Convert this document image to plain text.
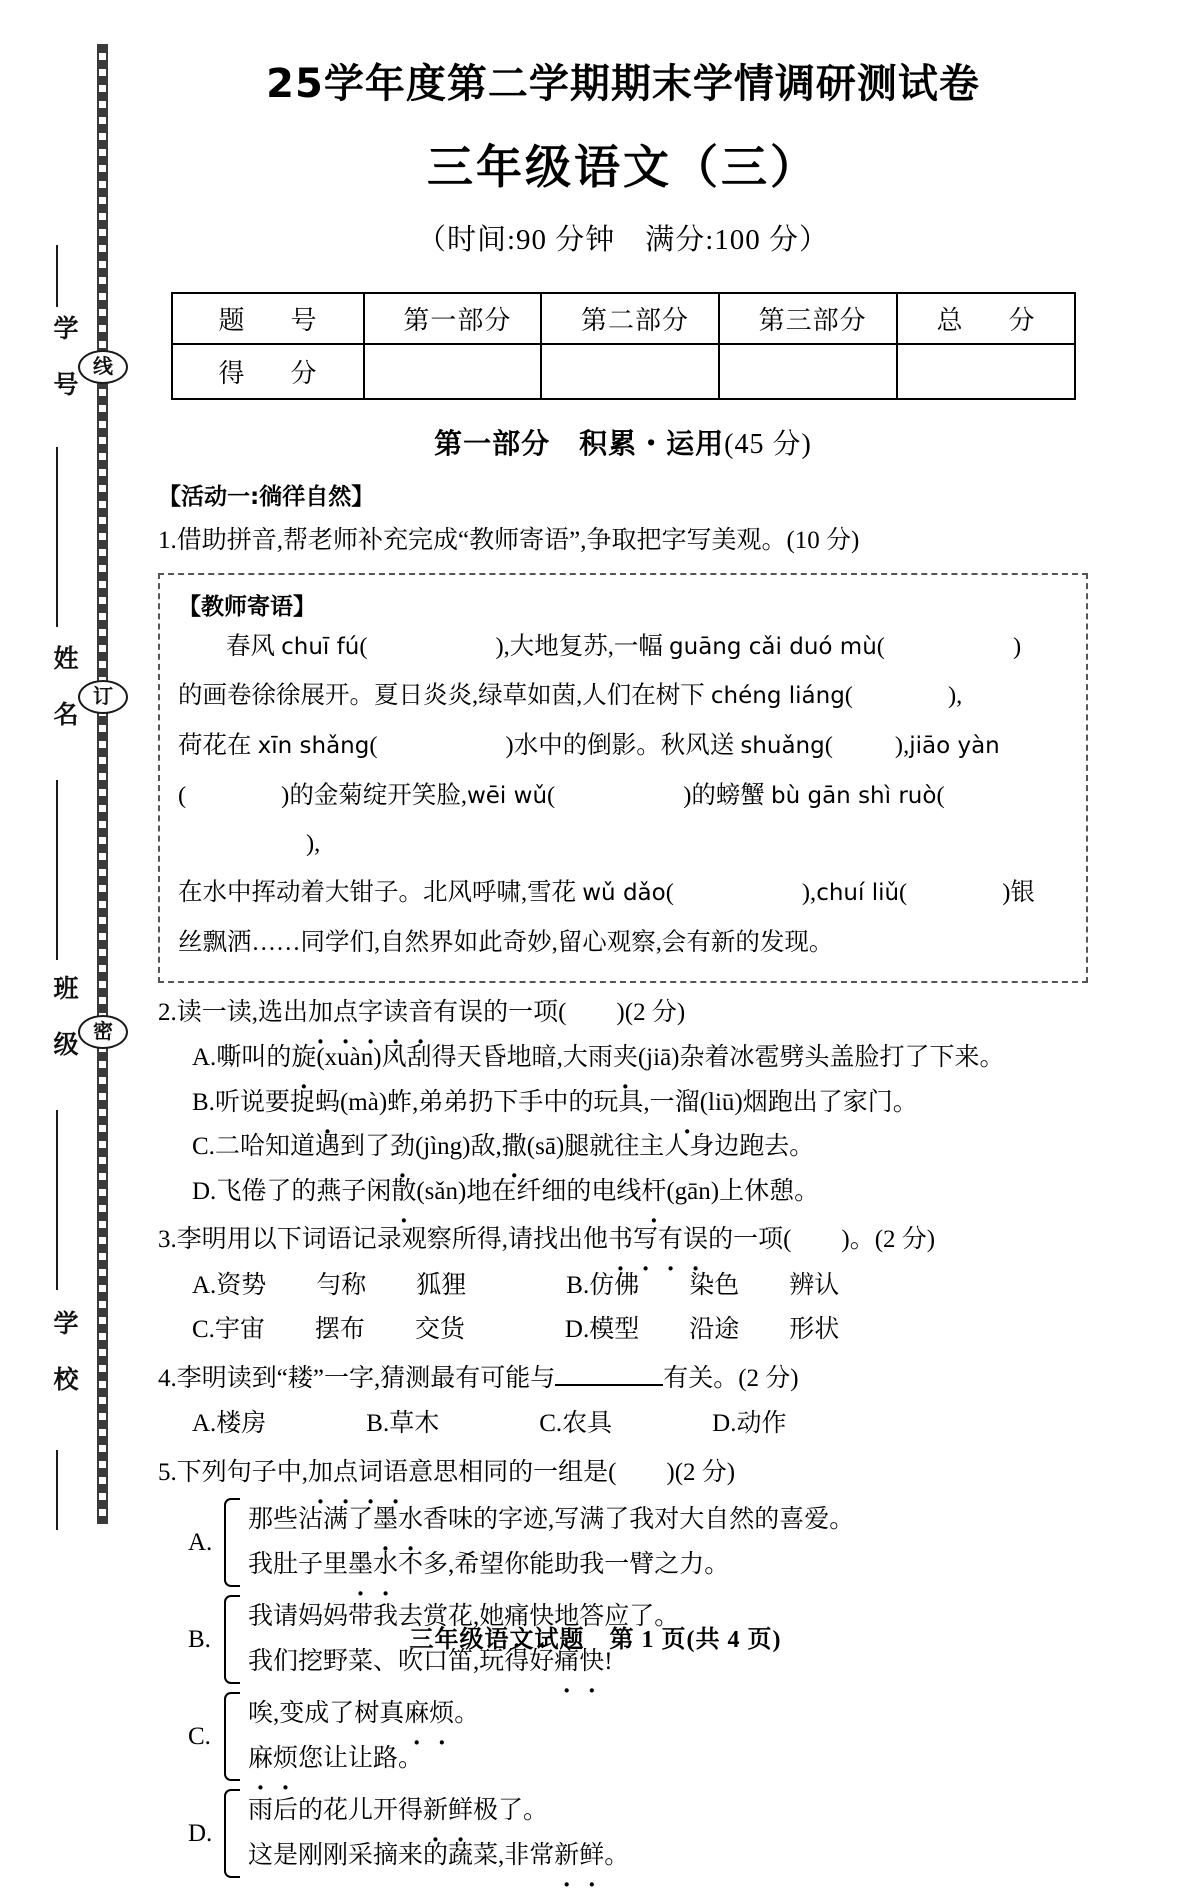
学 号
姓 名
班 级
学 校
线
订
密
25学年度第二学期期末学情调研测试卷
三年级语文（三）
（时间:90 分钟　满分:100 分）
题　号	第一部分	第二部分	第三部分	总　分
得　分				
第一部分　积累・运用(45 分)
【活动一:徜徉自然】
1.借助拼音,帮老师补充完成“教师寄语”,争取把字写美观。(10 分)
【教师寄语】

春风 chuī fú(	),大地复苏,一幅 guāng cǎi duó mù(	)

的画卷徐徐展开。夏日炎炎,绿草如茵,人们在树下 chéng liáng(	),

荷花在 xīn shǎng(	)水中的倒影。秋风送 shuǎng(	),jiāo yàn

(	)的金菊绽开笑脸,wēi wǔ(	)的螃蟹 bù gān shì ruò(),

在水中挥动着大钳子。北风呼啸,雪花 wǔ dǎo(	),chuí liǔ(	)银

丝飘洒……同学们,自然界如此奇妙,留心观察,会有新的发现。

2.读一读,选出加点字读音有误的一项(　　)(2 分)
A.嘶叫的旋(xuàn)风刮得天昏地暗,大雨夹(jiā)杂着冰雹劈头盖脸打了下来。
B.听说要捉蚂(mà)蚱,弟弟扔下手中的玩具,一溜(liū)烟跑出了家门。
C.二哈知道遇到了劲(jìng)敌,撒(sā)腿就往主人身边跑去。
D.飞倦了的燕子闲散(sǎn)地在纤细的电线杆(gān)上休憩。
3.李明用以下词语记录观察所得,请找出他书写有误的一项(　　)。(2 分)
A.资势　　勻称　　狐狸　　　　B.仿佛　　染色　　辨认
C.宇宙　　摆布　　交货　　　　D.模型　　沿途　　形状
4.李明读到“耧”一字,猜测最有可能与	有关。(2 分)
A.楼房　　　　B.草木　　　　C.农具　　　　D.动作
5.下列句子中,加点词语意思相同的一组是(　　)(2 分)
A.
那些沾满了墨水香味的字迹,写满了我对大自然的喜爱。
我肚子里墨水不多,希望你能助我一臂之力。
B.
我请妈妈带我去赏花,她痛快地答应了。
我们挖野菜、吹口笛,玩得好痛快!
C.
唉,变成了树真麻烦。
麻烦您让让路。
D.
雨后的花儿开得新鲜极了。
这是刚刚采摘来的蔬菜,非常新鲜。
三年级语文试题　 第 1 页(共 4 页)
